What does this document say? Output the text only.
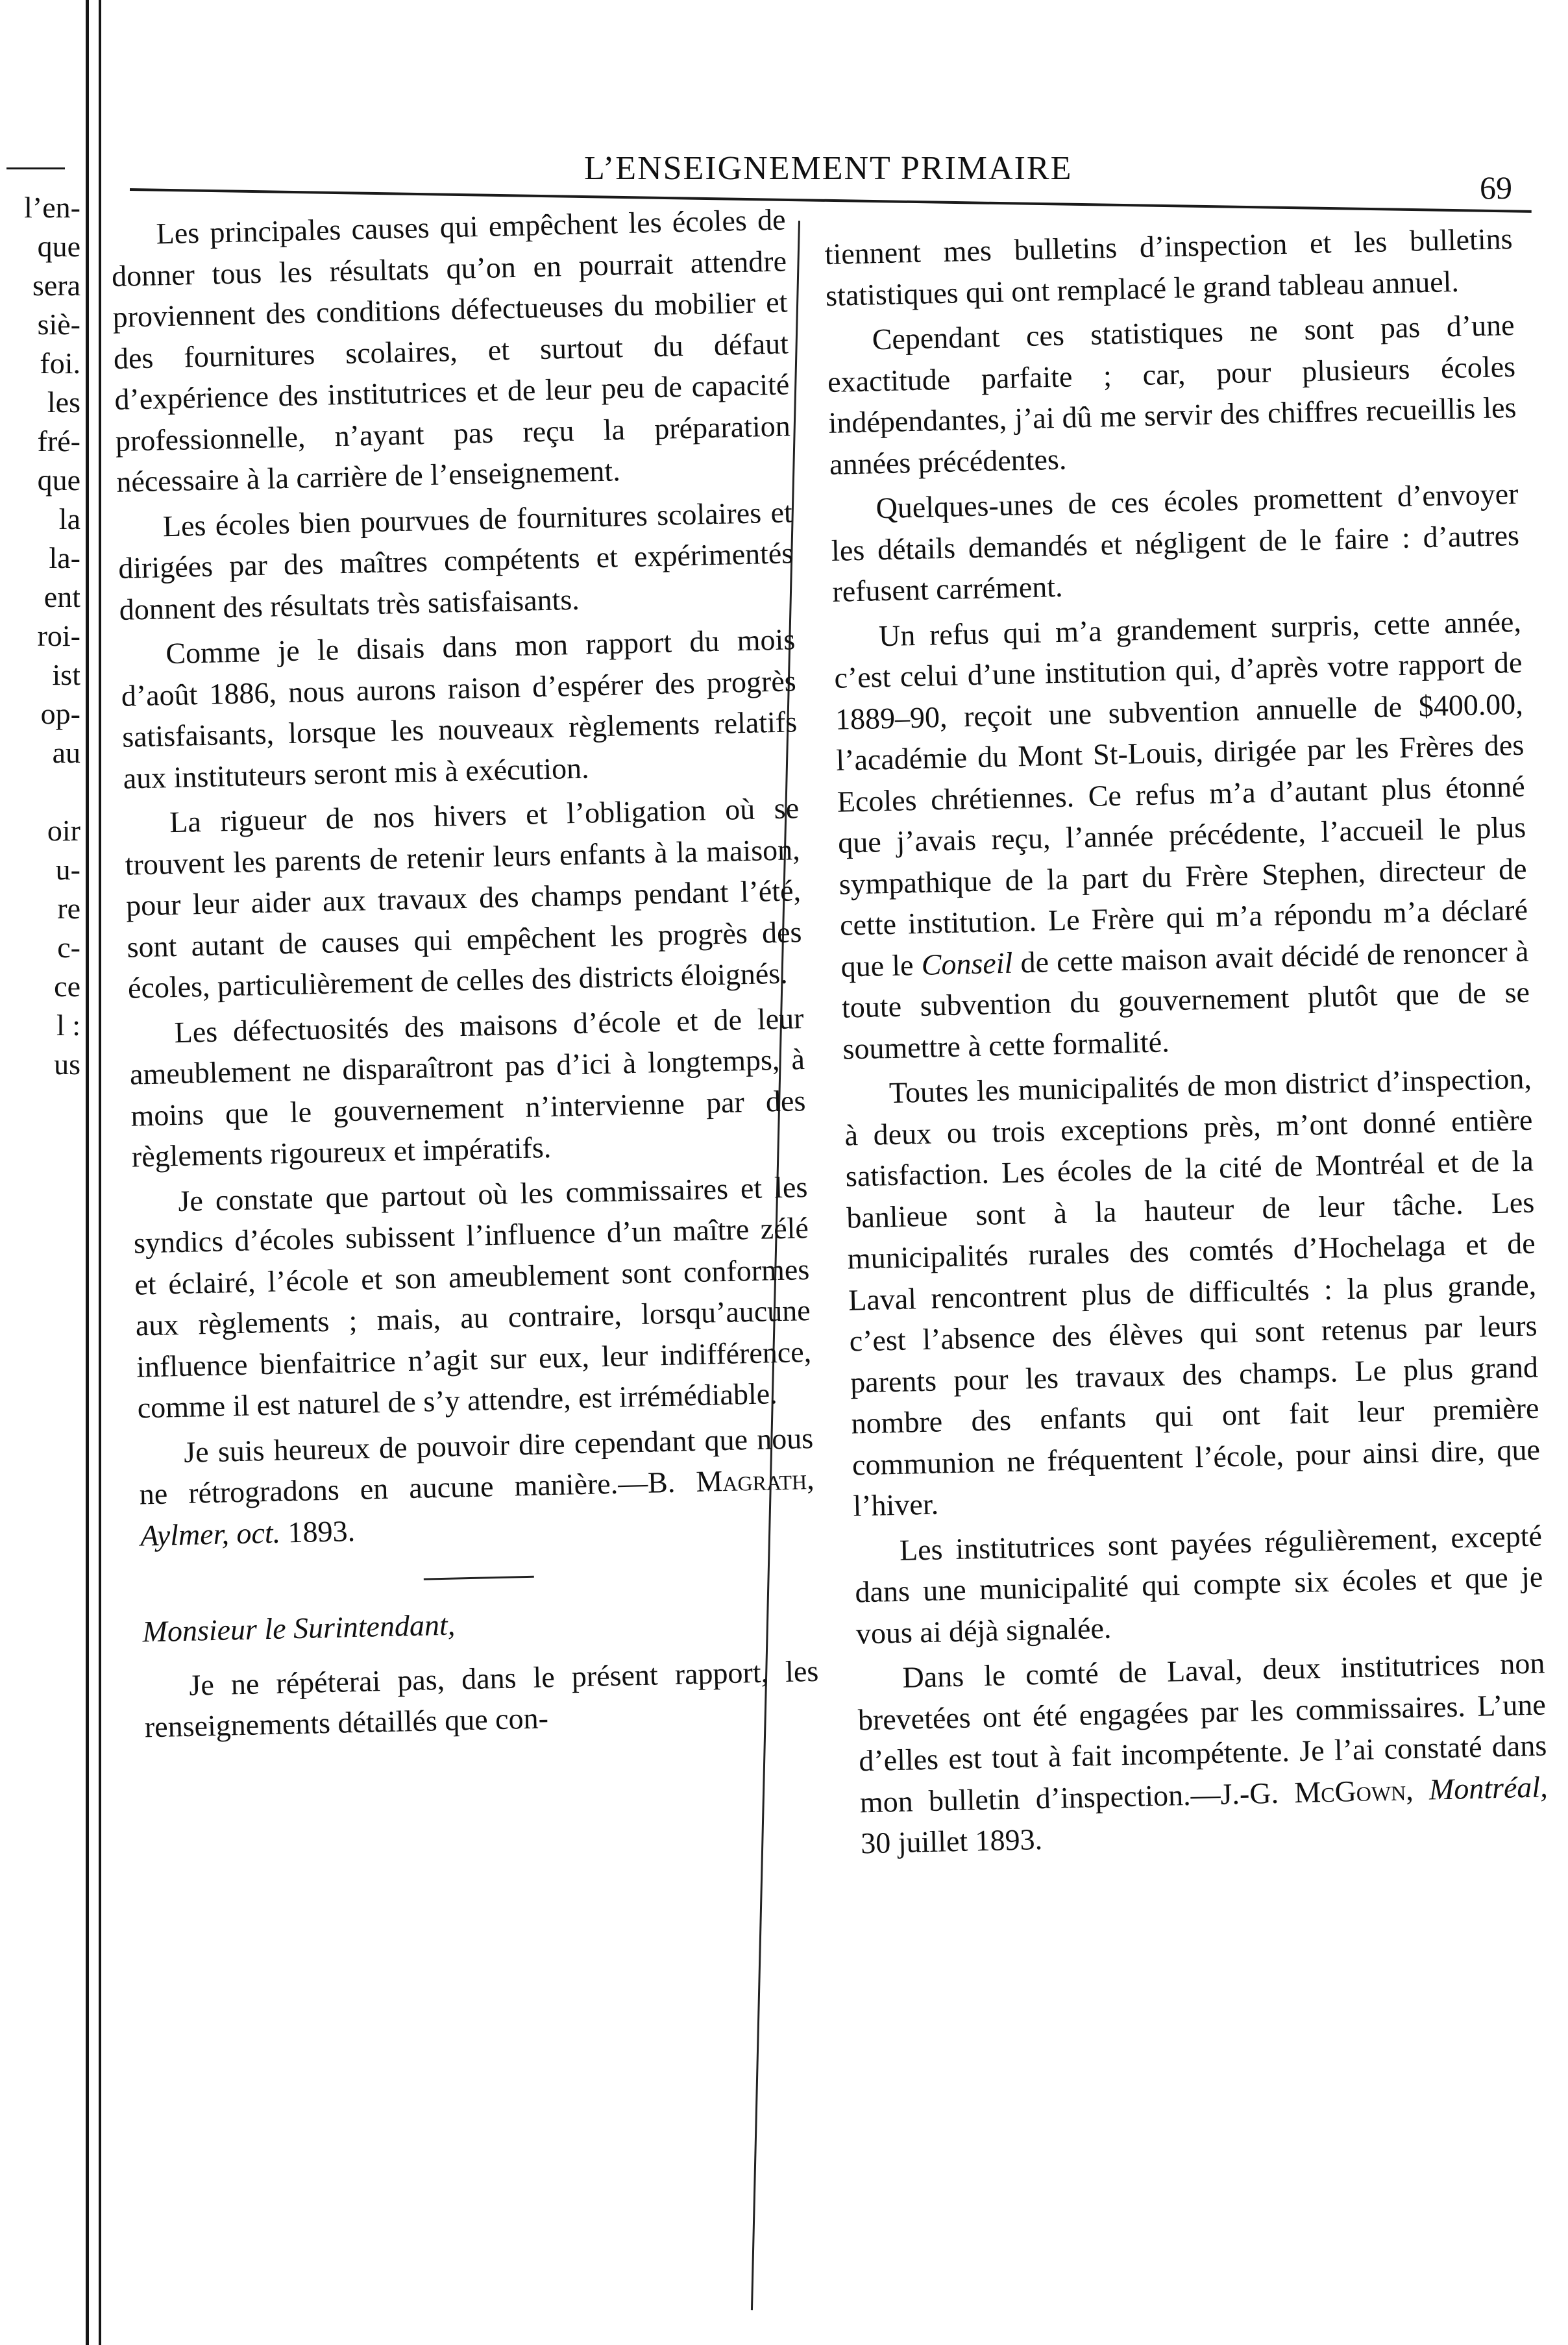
l’en-
que
sera
siè-
foi.
les
fré-
que
la
la-
ent
roi-
ist
op-
au
oir
u-
re
c-
ce
l :
us
L’ENSEIGNEMENT PRIMAIRE
69

Les principales causes qui empêchent les écoles de donner tous les résultats qu’on en pourrait attendre proviennent des conditions défectueuses du mobilier et des fournitures scolaires, et surtout du défaut d’expérience des institutrices et de leur peu de capacité professionnelle, n’ayant pas reçu la préparation nécessaire à la carrière de l’enseignement.

Les écoles bien pourvues de fournitures scolaires et dirigées par des maîtres compétents et expérimentés donnent des résultats très satisfaisants.

Comme je le disais dans mon rapport du mois d’août 1886, nous aurons raison d’espérer des progrès satisfaisants, lorsque les nouveaux règlements relatifs aux instituteurs seront mis à exécution.

La rigueur de nos hivers et l’obligation où se trouvent les parents de retenir leurs enfants à la maison, pour leur aider aux travaux des champs pendant l’été, sont autant de causes qui empêchent les progrès des écoles, particulièrement de celles des districts éloignés.

Les défectuosités des maisons d’école et de leur ameublement ne disparaîtront pas d’ici à longtemps, à moins que le gouvernement n’intervienne par des règlements rigoureux et impératifs.

Je constate que partout où les commissaires et les syndics d’écoles subissent l’influence d’un maître zélé et éclairé, l’école et son ameublement sont conformes aux règlements ; mais, au contraire, lorsqu’aucune influence bienfaitrice n’agit sur eux, leur indifférence, comme il est naturel de s’y attendre, est irrémédiable.

Je suis heureux de pouvoir dire cependant que nous ne rétrogradons en aucune manière.—B. Magrath, Aylmer, oct. 1893.

Monsieur le Surintendant,

Je ne répéterai pas, dans le présent rapport, les renseignements détaillés que con-

tiennent mes bulletins d’inspection et les bulletins statistiques qui ont remplacé le grand tableau annuel.

Cependant ces statistiques ne sont pas d’une exactitude parfaite ; car, pour plusieurs écoles indépendantes, j’ai dû me servir des chiffres recueillis les années précédentes.

Quelques-unes de ces écoles promettent d’envoyer les détails demandés et négligent de le faire : d’autres refusent carrément.

Un refus qui m’a grandement surpris, cette année, c’est celui d’une institution qui, d’après votre rapport de 1889–90, reçoit une subvention annuelle de $400.00, l’académie du Mont St-Louis, dirigée par les Frères des Ecoles chrétiennes. Ce refus m’a d’autant plus étonné que j’avais reçu, l’année précédente, l’accueil le plus sympathique de la part du Frère Stephen, directeur de cette institution. Le Frère qui m’a répondu m’a déclaré que le Conseil de cette maison avait décidé de renoncer à toute subvention du gouvernement plutôt que de se soumettre à cette formalité.

Toutes les municipalités de mon district d’inspection, à deux ou trois exceptions près, m’ont donné entière satisfaction. Les écoles de la cité de Montréal et de la banlieue sont à la hauteur de leur tâche. Les municipalités rurales des comtés d’Hochelaga et de Laval rencontrent plus de difficultés : la plus grande, c’est l’absence des élèves qui sont retenus par leurs parents pour les travaux des champs. Le plus grand nombre des enfants qui ont fait leur première communion ne fréquentent l’école, pour ainsi dire, que l’hiver.

Les institutrices sont payées régulièrement, excepté dans une municipalité qui compte six écoles et que je vous ai déjà signalée.

Dans le comté de Laval, deux institutrices non brevetées ont été engagées par les commissaires. L’une d’elles est tout à fait incompétente. Je l’ai constaté dans mon bulletin d’inspection.—J.-G. McGown, Montréal, 30 juillet 1893.
